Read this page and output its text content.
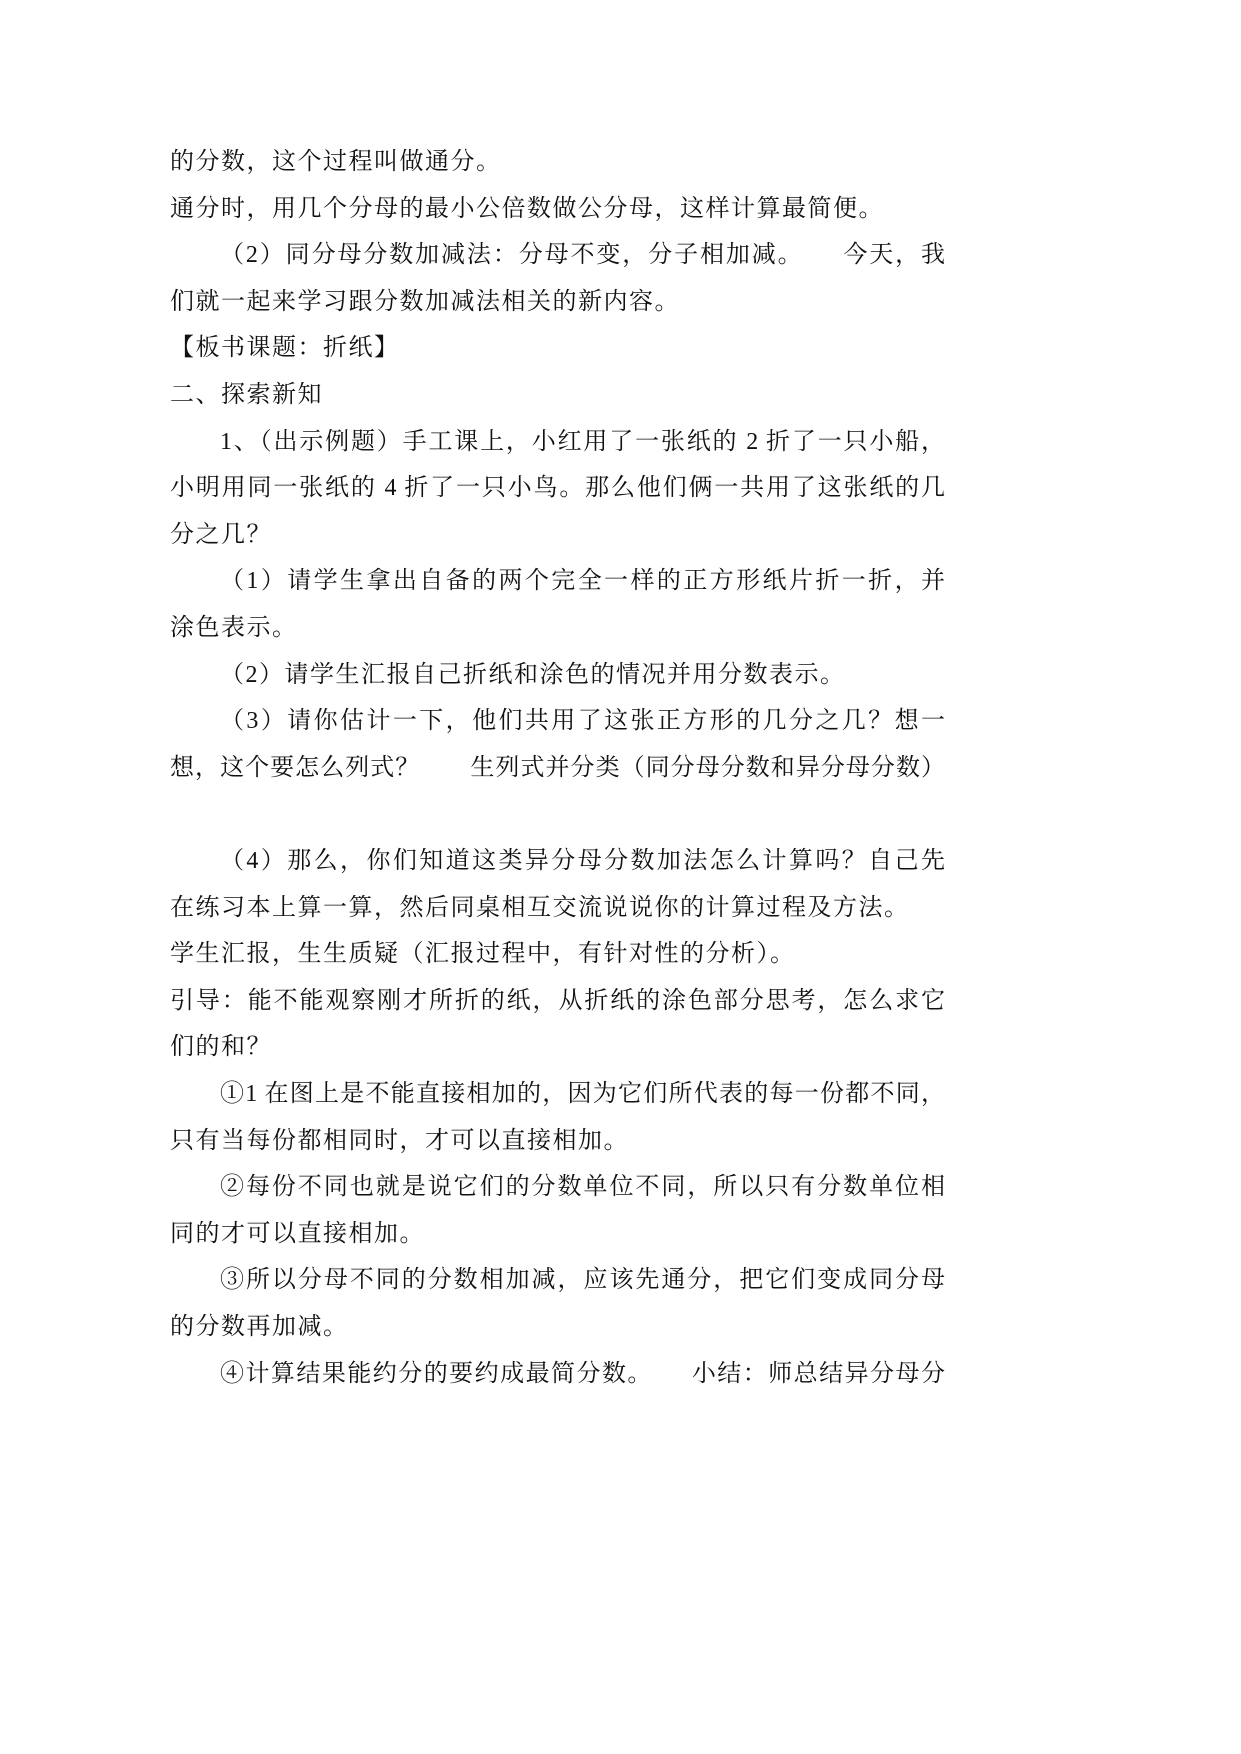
的分数，这个过程叫做通分。
通分时，用几个分母的最小公倍数做公分母，这样计算最简便。
（2）同分母分数加减法：分母不变，分子相加减。　　今天，我
们就一起来学习跟分数加减法相关的新内容。
【板书课题：折纸】
二、探索新知
1、（出示例题）手工课上，小红用了一张纸的 2 折了一只小船，
小明用同一张纸的 4 折了一只小鸟。那么他们俩一共用了这张纸的几
分之几？
（1）请学生拿出自备的两个完全一样的正方形纸片折一折，并
涂色表示。
（2）请学生汇报自己折纸和涂色的情况并用分数表示。
（3）请你估计一下，他们共用了这张正方形的几分之几？想一
想，这个要怎么列式？　　生列式并分类（同分母分数和异分母分数）
（4）那么，你们知道这类异分母分数加法怎么计算吗？自己先
在练习本上算一算，然后同桌相互交流说说你的计算过程及方法。
学生汇报，生生质疑（汇报过程中，有针对性的分析）。
引导：能不能观察刚才所折的纸，从折纸的涂色部分思考，怎么求它
们的和？
①1 在图上是不能直接相加的，因为它们所代表的每一份都不同，
只有当每份都相同时，才可以直接相加。
②每份不同也就是说它们的分数单位不同，所以只有分数单位相
同的才可以直接相加。
③所以分母不同的分数相加减，应该先通分，把它们变成同分母
的分数再加减。
④计算结果能约分的要约成最简分数。　　小结：师总结异分母分
